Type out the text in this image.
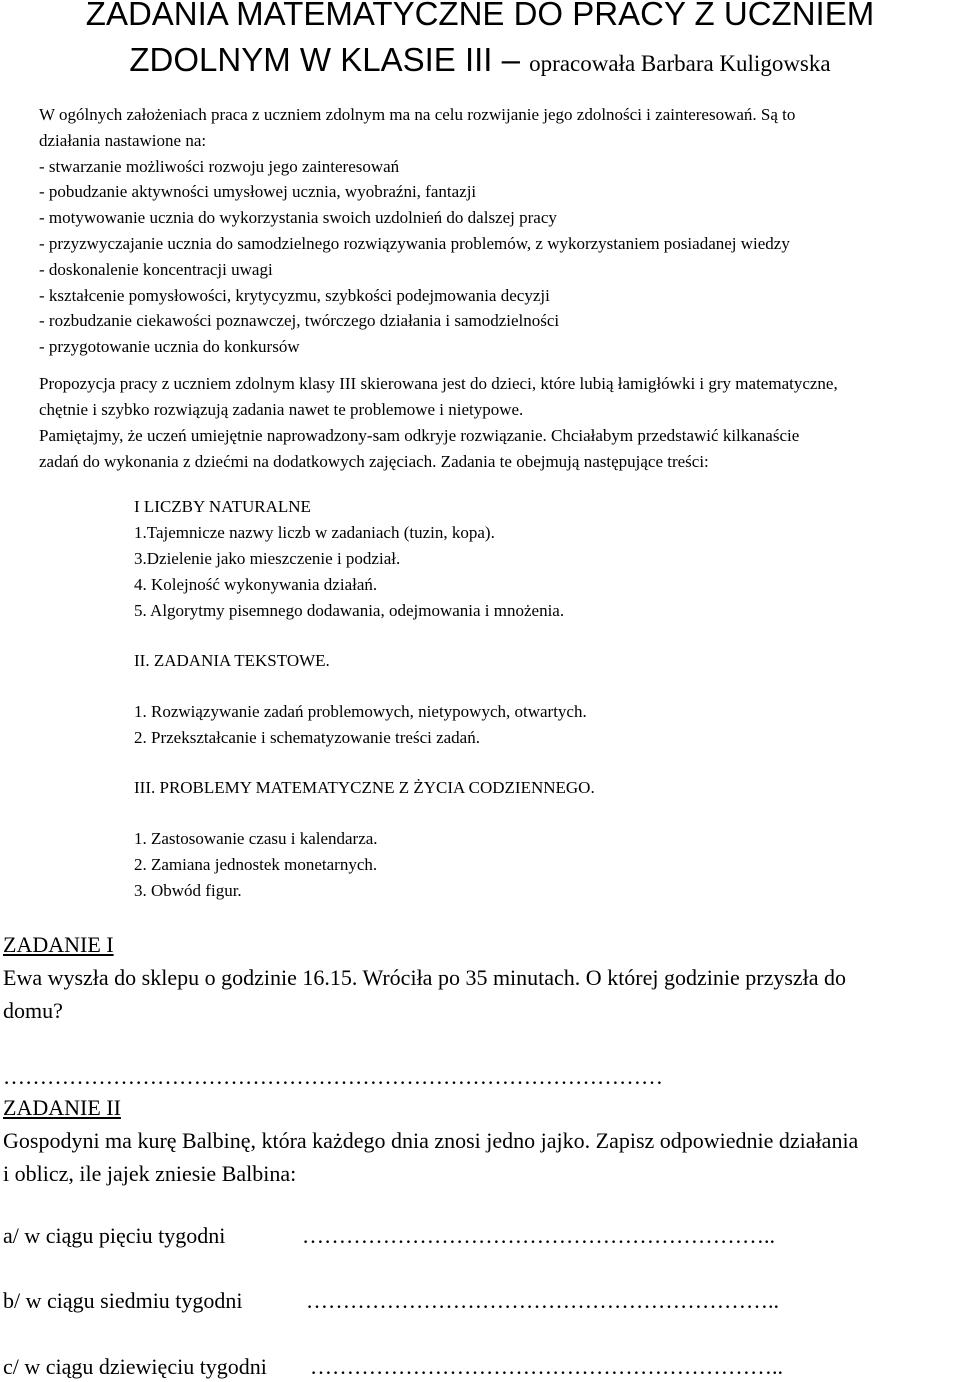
ZADANIA MATEMATYCZNE DO PRACY Z UCZNIEM
ZDOLNYM W KLASIE III – opracowała Barbara Kuligowska
W ogólnych założeniach praca z uczniem zdolnym ma na celu rozwijanie jego zdolności i zainteresowań. Są to
działania nastawione na:
- stwarzanie możliwości rozwoju jego zainteresowań
- pobudzanie aktywności umysłowej ucznia, wyobraźni, fantazji
- motywowanie ucznia do wykorzystania swoich uzdolnień do dalszej pracy
- przyzwyczajanie ucznia do samodzielnego rozwiązywania problemów, z wykorzystaniem posiadanej wiedzy
- doskonalenie koncentracji uwagi
- kształcenie pomysłowości, krytycyzmu, szybkości podejmowania decyzji
- rozbudzanie ciekawości poznawczej, twórczego działania i samodzielności
- przygotowanie ucznia do konkursów
Propozycja pracy z uczniem zdolnym klasy III skierowana jest do dzieci, które lubią łamigłówki i gry matematyczne,
chętnie i szybko rozwiązują zadania nawet te problemowe i nietypowe.
Pamiętajmy, że uczeń umiejętnie naprowadzony-sam odkryje rozwiązanie. Chciałabym przedstawić kilkanaście
zadań do wykonania z dziećmi na dodatkowych zajęciach. Zadania te obejmują następujące treści:
I LICZBY NATURALNE
1.Tajemnicze nazwy liczb w zadaniach (tuzin, kopa).
3.Dzielenie jako mieszczenie i podział.
4. Kolejność wykonywania działań.
5. Algorytmy pisemnego dodawania, odejmowania i mnożenia.
II. ZADANIA TEKSTOWE.
1. Rozwiązywanie zadań problemowych, nietypowych, otwartych.
2. Przekształcanie i schematyzowanie treści zadań.
III. PROBLEMY MATEMATYCZNE Z ŻYCIA CODZIENNEGO.
1. Zastosowanie czasu i kalendarza.
2. Zamiana jednostek monetarnych.
3. Obwód figur.
ZADANIE I
Ewa wyszła do sklepu o godzinie 16.15. Wróciła po 35 minutach. O której godzinie przyszła do
domu?
………………………………………………………………………………
ZADANIE II
Gospodyni ma kurę Balbinę, która każdego dnia znosi jedno jajko. Zapisz odpowiednie działania
i oblicz, ile jajek zniesie Balbina:
a/ w ciągu pięciu tygodni	………………………………………………………..
b/ w ciągu siedmiu tygodni	………………………………………………………..
c/ w ciągu dziewięciu tygodni ………………………………………………………..
